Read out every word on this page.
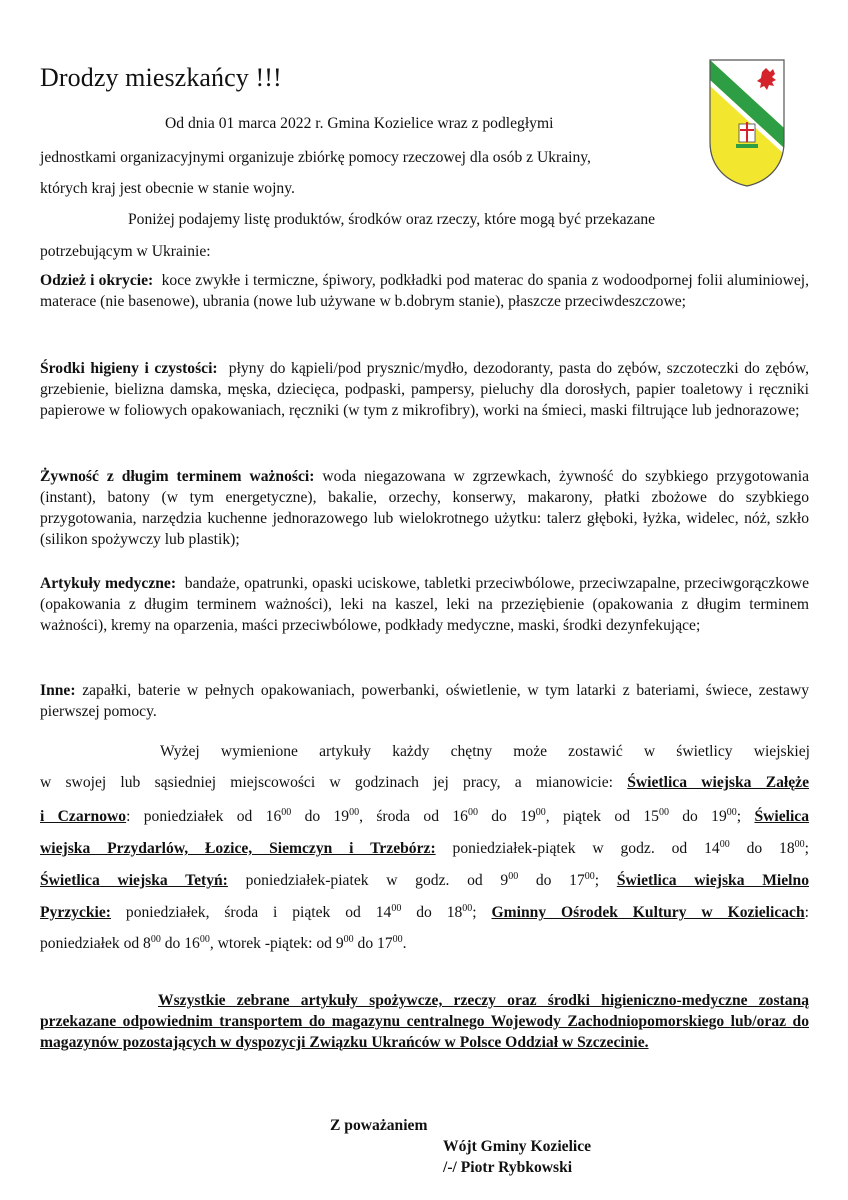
Drodzy mieszkańcy !!!
Od dnia 01 marca 2022 r. Gmina Kozielice wraz z podległymi
jednostkami organizacyjnymi organizuje zbiórkę pomocy rzeczowej dla osób z Ukrainy,
których kraj jest obecnie w stanie wojny.
Poniżej podajemy listę produktów, środków oraz rzeczy, które mogą być przekazane
potrzebującym w Ukrainie:
Odzież i okrycie: koce zwykłe i termiczne, śpiwory, podkładki pod materac do spania z wodoodpornej folii aluminiowej, materace (nie basenowe), ubrania (nowe lub używane w b.dobrym stanie), płaszcze przeciwdeszczowe;
Środki higieny i czystości: płyny do kąpieli/pod prysznic/mydło, dezodoranty, pasta do zębów, szczoteczki do zębów, grzebienie, bielizna damska, męska, dziecięca, podpaski, pampersy, pieluchy dla dorosłych, papier toaletowy i ręczniki papierowe w foliowych opakowaniach, ręczniki (w tym z mikrofibry), worki na śmieci, maski filtrujące lub jednorazowe;
Żywność z długim terminem ważności: woda niegazowana w zgrzewkach, żywność do szybkiego przygotowania (instant), batony (w tym energetyczne), bakalie, orzechy, konserwy, makarony, płatki zbożowe do szybkiego przygotowania, narzędzia kuchenne jednorazowego lub wielokrotnego użytku: talerz głęboki, łyżka, widelec, nóż, szkło (silikon spożywczy lub plastik);
Artykuły medyczne: bandaże, opatrunki, opaski uciskowe, tabletki przeciwbólowe, przeciwzapalne, przeciwgorączkowe (opakowania z długim terminem ważności), leki na kaszel, leki na przeziębienie (opakowania z długim terminem ważności), kremy na oparzenia, maści przeciwbólowe, podkłady medyczne, maski, środki dezynfekujące;
Inne: zapałki, baterie w pełnych opakowaniach, powerbanki, oświetlenie, w tym latarki z bateriami, świece, zestawy pierwszej pomocy.
Wyżej wymienione artykuły każdy chętny może zostawić w świetlicy wiejskiej
w swojej lub sąsiedniej miejscowości w godzinach jej pracy, a mianowicie: Świetlica wiejska Załęże
i Czarnowo: poniedziałek od $16^{00}$ do $19^{00}$, środa od $16^{00}$ do $19^{00}$, piątek od $15^{00}$ do $19^{00}$; Świelica
wiejska Przydarlów, Łozice, Siemczyn i Trzebórz: poniedziałek-piątek w godz. od $14^{00}$ do $18^{00}$;
Świetlica wiejska Tetyń: poniedziałek-piatek w godz. od $9^{00}$ do $17^{00}$; Świetlica wiejska Mielno
Pyrzyckie: poniedziałek, środa i piątek od $14^{00}$ do $18^{00}$; Gminny Ośrodek Kultury w Kozielicach:
poniedziałek od $8^{00}$ do $16^{00}$, wtorek -piątek: od $9^{00}$ do $17^{00}$.
Wszystkie zebrane artykuły spożywcze, rzeczy oraz środki higieniczno-medyczne zostaną przekazane odpowiednim transportem do magazynu centralnego Wojewody Zachodniopomorskiego lub/oraz do magazynów pozostających w dyspozycji Związku Ukrańców w Polsce Oddział w Szczecinie.
Z poważaniem
Wójt Gminy Kozielice
/-/ Piotr Rybkowski
